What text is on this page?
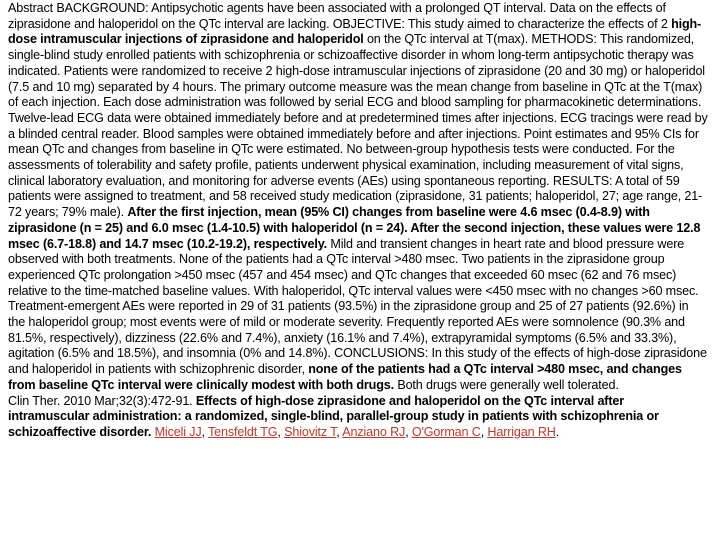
Abstract BACKGROUND: Antipsychotic agents have been associated with a prolonged QT interval. Data on the effects of ziprasidone and haloperidol on the QTc interval are lacking. OBJECTIVE: This study aimed to characterize the effects of 2 high-dose intramuscular injections of ziprasidone and haloperidol on the QTc interval at T(max). METHODS: This randomized, single-blind study enrolled patients with schizophrenia or schizoaffective disorder in whom long-term antipsychotic therapy was indicated. Patients were randomized to receive 2 high-dose intramuscular injections of ziprasidone (20 and 30 mg) or haloperidol (7.5 and 10 mg) separated by 4 hours. The primary outcome measure was the mean change from baseline in QTc at the T(max) of each injection. Each dose administration was followed by serial ECG and blood sampling for pharmacokinetic determinations. Twelve-lead ECG data were obtained immediately before and at predetermined times after injections. ECG tracings were read by a blinded central reader. Blood samples were obtained immediately before and after injections. Point estimates and 95% CIs for mean QTc and changes from baseline in QTc were estimated. No between-group hypothesis tests were conducted. For the assessments of tolerability and safety profile, patients underwent physical examination, including measurement of vital signs, clinical laboratory evaluation, and monitoring for adverse events (AEs) using spontaneous reporting. RESULTS: A total of 59 patients were assigned to treatment, and 58 received study medication (ziprasidone, 31 patients; haloperidol, 27; age range, 21-72 years; 79% male). After the first injection, mean (95% CI) changes from baseline were 4.6 msec (0.4-8.9) with ziprasidone (n = 25) and 6.0 msec (1.4-10.5) with haloperidol (n = 24). After the second injection, these values were 12.8 msec (6.7-18.8) and 14.7 msec (10.2-19.2), respectively. Mild and transient changes in heart rate and blood pressure were observed with both treatments. None of the patients had a QTc interval >480 msec. Two patients in the ziprasidone group experienced QTc prolongation >450 msec (457 and 454 msec) and QTc changes that exceeded 60 msec (62 and 76 msec) relative to the time-matched baseline values. With haloperidol, QTc interval values were <450 msec with no changes >60 msec. Treatment-emergent AEs were reported in 29 of 31 patients (93.5%) in the ziprasidone group and 25 of 27 patients (92.6%) in the haloperidol group; most events were of mild or moderate severity. Frequently reported AEs were somnolence (90.3% and 81.5%, respectively), dizziness (22.6% and 7.4%), anxiety (16.1% and 7.4%), extrapyramidal symptoms (6.5% and 33.3%), agitation (6.5% and 18.5%), and insomnia (0% and 14.8%). CONCLUSIONS: In this study of the effects of high-dose ziprasidone and haloperidol in patients with schizophrenic disorder, none of the patients had a QTc interval >480 msec, and changes from baseline QTc interval were clinically modest with both drugs. Both drugs were generally well tolerated.

Clin Ther. 2010 Mar;32(3):472-91. Effects of high-dose ziprasidone and haloperidol on the QTc interval after intramuscular administration: a randomized, single-blind, parallel-group study in patients with schizophrenia or schizoaffective disorder. Miceli JJ, Tensfeldt TG, Shiovitz T, Anziano RJ, O'Gorman C, Harrigan RH.
